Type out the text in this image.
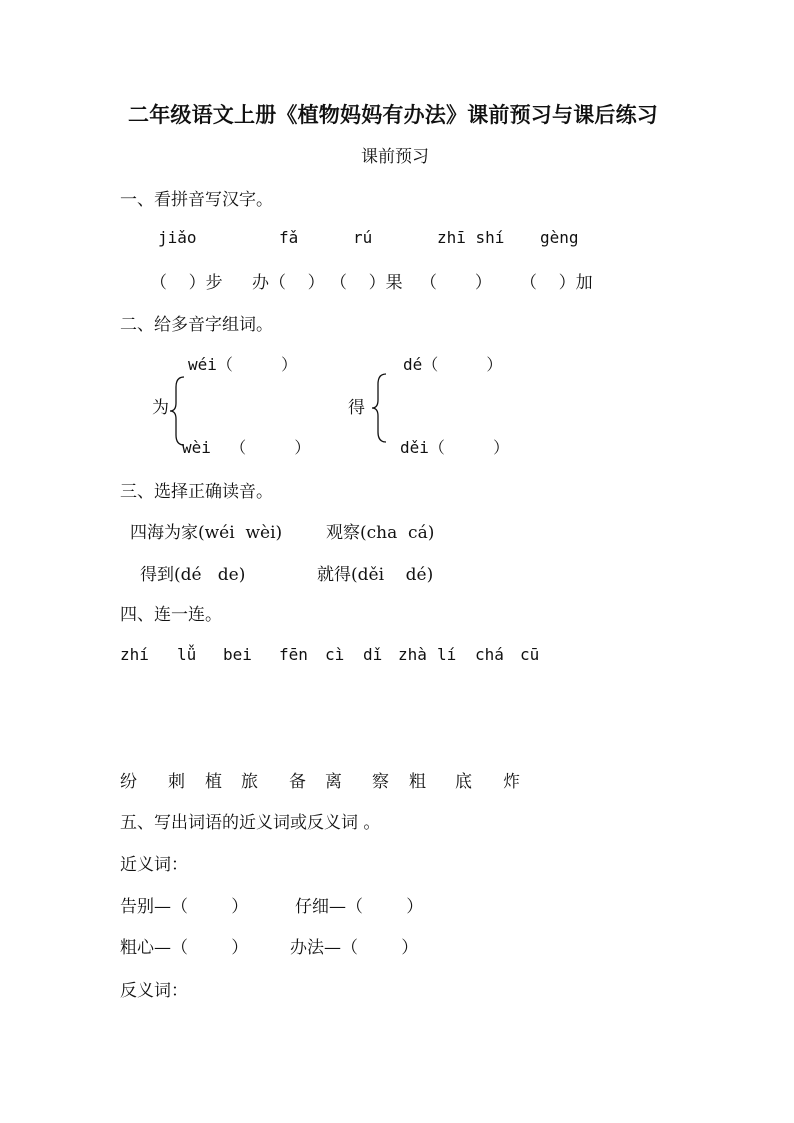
二年级语文上册《植物妈妈有办法》课前预习与课后练习
课前预习
一、看拼音写汉字。
jiǎo	fǎ	rú	zhī shí gèng
（    ）步 办（    ） （    ）果 （       ） （    ）加
二、给多音字组词。
wéi（     ）
为
wèi  （     ）
dé（     ）
得
děi（     ）
三、选择正确读音。
四海为家(wéi  wèi)	观察(cha  cá)
得到(dé   de)	就得(děi    dé)
四、连一连。
zhí lǚ bei fēn cì dǐ zhà lí chá cū
纷 刺 植 旅 备 离 察 粗 底 炸
五、写出词语的近义词或反义词 。
近义词：
告别—（        ）	仔细—（        ）
粗心—（        ） 办法—（        ）
反义词：
